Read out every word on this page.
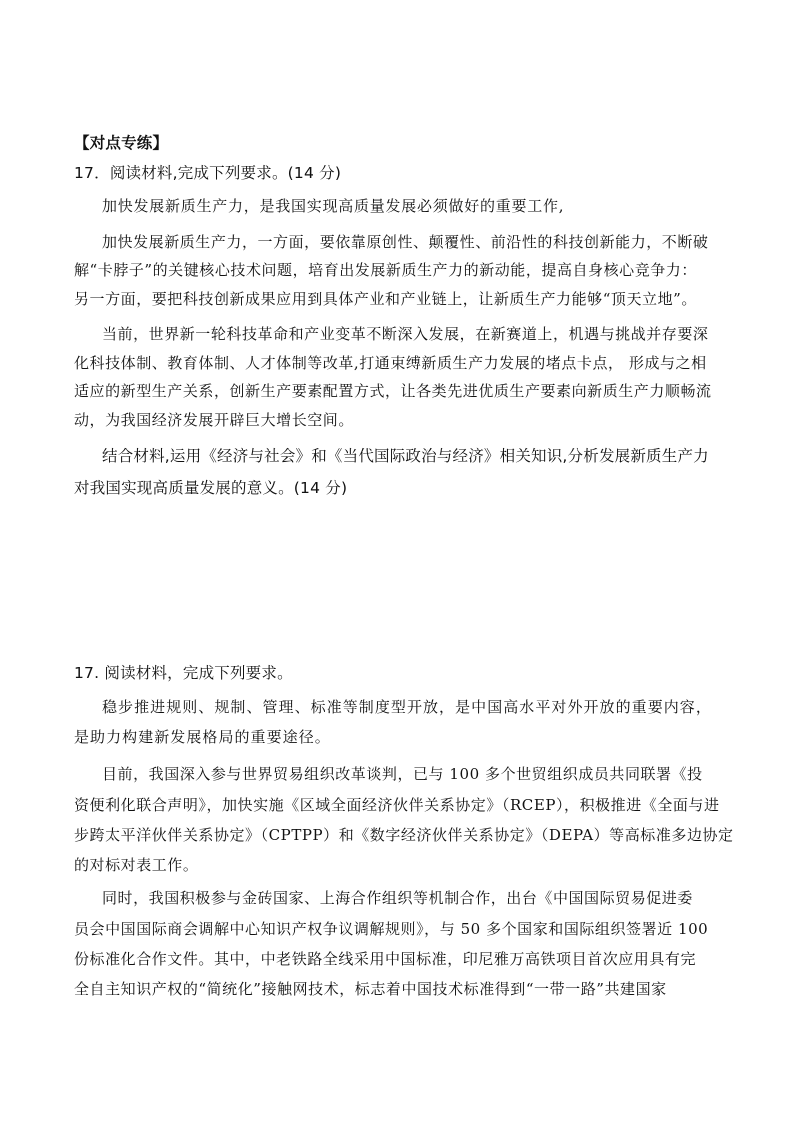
【对点专练】
17．阅读材料,完成下列要求。(14 分)
加快发展新质生产力，是我国实现高质量发展必须做好的重要工作,
加快发展新质生产力，一方面，要依靠原创性、颠覆性、前沿性的科技创新能力，不断破
解“卡脖子”的关键核心技术问题，培育出发展新质生产力的新动能，提高自身核心竞争力：
另一方面，要把科技创新成果应用到具体产业和产业链上，让新质生产力能够“顶天立地”。
当前，世界新一轮科技革命和产业变革不断深入发展，在新赛道上，机遇与挑战并存要深
化科技体制、教育体制、人才体制等改革,打通束缚新质生产力发展的堵点卡点， 形成与之相
适应的新型生产关系，创新生产要素配置方式，让各类先进优质生产要素向新质生产力顺畅流
动，为我国经济发展开辟巨大增长空间。
结合材料,运用《经济与社会》和《当代国际政治与经济》相关知识,分析发展新质生产力
对我国实现高质量发展的意义。(14 分)
17. 阅读材料，完成下列要求。
稳步推进规则、规制、管理、标准等制度型开放，是中国高水平对外开放的重要内容，
是助力构建新发展格局的重要途径。
目前，我国深入参与世界贸易组织改革谈判，已与 100 多个世贸组织成员共同联署《投
资便利化联合声明》，加快实施《区域全面经济伙伴关系协定》（RCEP），积极推进《全面与进
步跨太平洋伙伴关系协定》（CPTPP）和《数字经济伙伴关系协定》（DEPA）等高标准多边协定
的对标对表工作。
同时，我国积极参与金砖国家、上海合作组织等机制合作，出台《中国国际贸易促进委
员会中国国际商会调解中心知识产权争议调解规则》，与 50 多个国家和国际组织签署近 100
份标准化合作文件。其中，中老铁路全线采用中国标准，印尼雅万高铁项目首次应用具有完
全自主知识产权的“简统化”接触网技术，标志着中国技术标准得到“一带一路”共建国家
